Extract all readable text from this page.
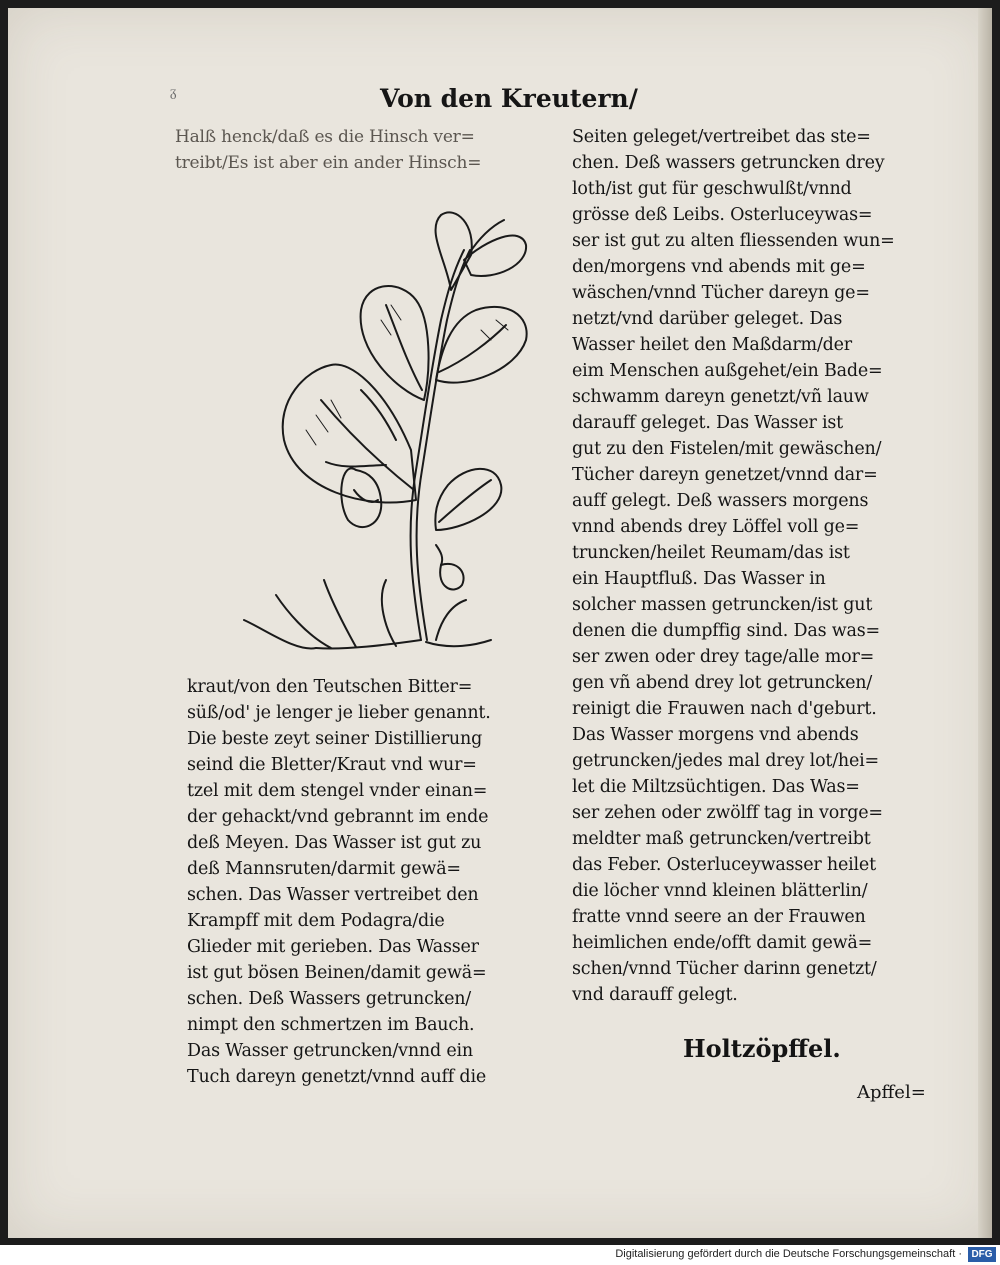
ᵹ	Von den Kreutern/
Halß henck/daß es die Hinsch ver=
treibt/Es ist aber ein ander Hinsch=
kraut/von den Teutschen Bitter=
süß/od' je lenger je lieber genannt.
Die beste zeyt seiner Distillierung
seind die Bletter/Kraut vnd wur=
tzel mit dem stengel vnder einan=
der gehackt/vnd gebrannt im ende
deß Meyen. Das Wasser ist gut zu
deß Mannsruten/darmit gewä=
schen. Das Wasser vertreibet den
Krampff mit dem Podagra/die
Glieder mit gerieben. Das Wasser
ist gut bösen Beinen/damit gewä=
schen. Deß Wassers getruncken/
nimpt den schmertzen im Bauch.
Das Wasser getruncken/vnnd ein
Tuch dareyn genetzt/vnnd auff die
Seiten geleget/vertreibet das ste=
chen. Deß wassers getruncken drey
loth/ist gut für geschwulßt/vnnd
grösse deß Leibs. Osterluceywas=
ser ist gut zu alten fliessenden wun=
den/morgens vnd abends mit ge=
wäschen/vnnd Tücher dareyn ge=
netzt/vnd darüber geleget. Das
Wasser heilet den Maßdarm/der
eim Menschen außgehet/ein Bade=
schwamm dareyn genetzt/vñ lauw
darauff geleget. Das Wasser ist
gut zu den Fistelen/mit gewäschen/
Tücher dareyn genetzet/vnnd dar=
auff gelegt. Deß wassers morgens
vnnd abends drey Löffel voll ge=
truncken/heilet Reumam/das ist
ein Hauptfluß. Das Wasser in
solcher massen getruncken/ist gut
denen die dumpffig sind. Das was=
ser zwen oder drey tage/alle mor=
gen vñ abend drey lot getruncken/
reinigt die Frauwen nach d'geburt.
Das Wasser morgens vnd abends
getruncken/jedes mal drey lot/hei=
let die Miltzsüchtigen. Das Was=
ser zehen oder zwölff tag in vorge=
meldter maß getruncken/vertreibt
das Feber. Osterluceywasser heilet
die löcher vnnd kleinen blätterlin/
fratte vnnd seere an der Frauwen
heimlichen ende/offt damit gewä=
schen/vnnd Tücher darinn genetzt/
vnd darauff gelegt.
Holtzöpffel.
Apffel=
Digitalisierung gefördert durch die Deutsche Forschungsgemeinschaft · DFG
